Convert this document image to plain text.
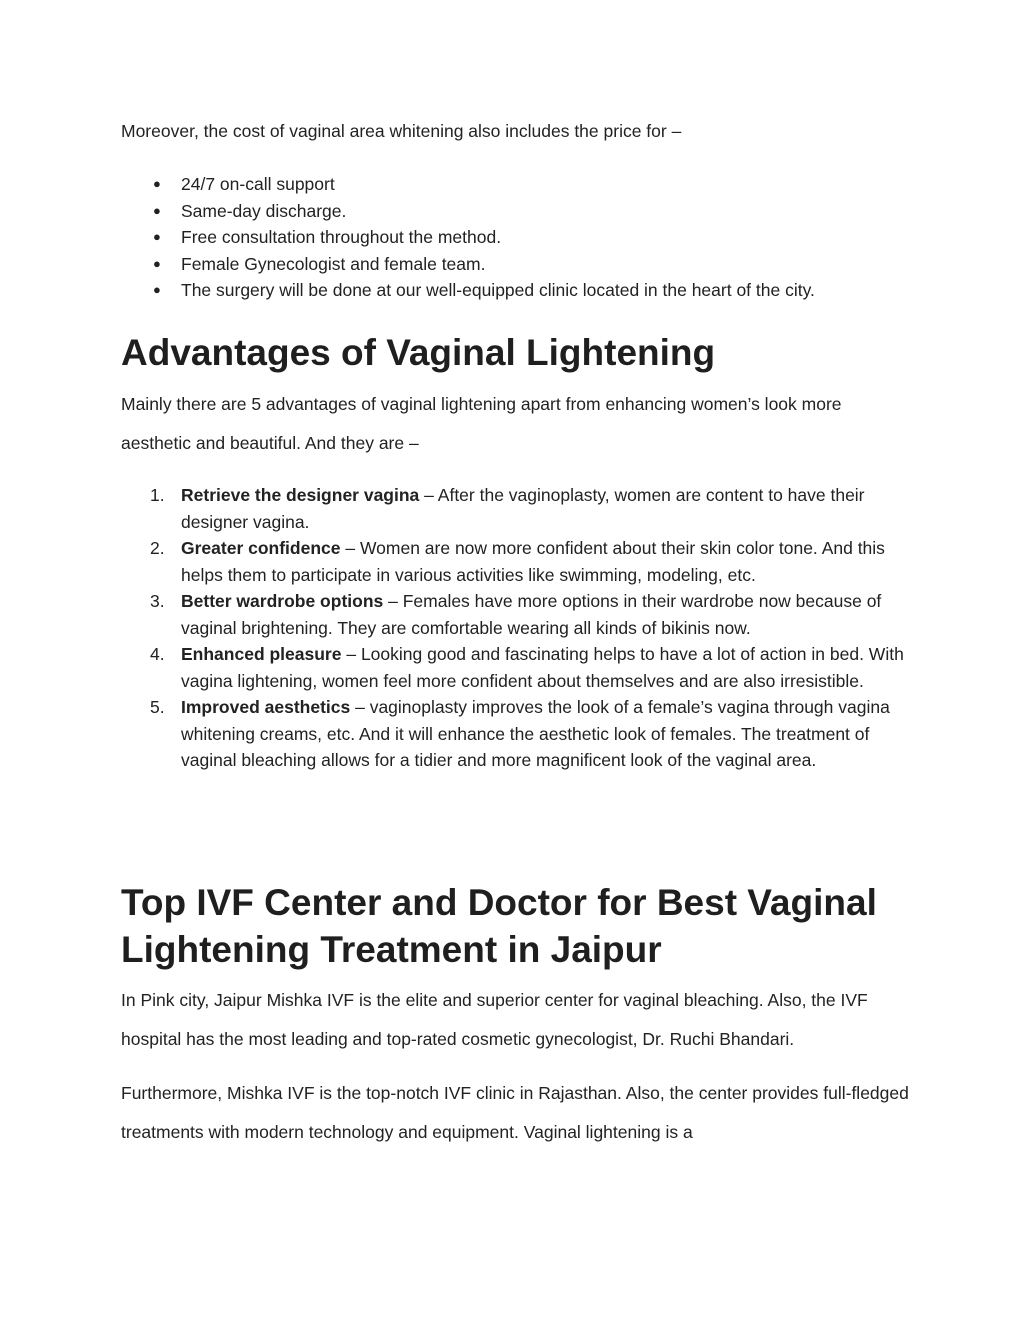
Moreover, the cost of vaginal area whitening also includes the price for –

● 24/7 on-call support
● Same-day discharge.
● Free consultation throughout the method.
● Female Gynecologist and female team.
● The surgery will be done at our well-equipped clinic located in the heart of the city.
Advantages of Vaginal Lightening

Mainly there are 5 advantages of vaginal lightening apart from enhancing women’s look more aesthetic and beautiful. And they are –

1. Retrieve the designer vagina – After the vaginoplasty, women are content to have their designer vagina.
2. Greater confidence – Women are now more confident about their skin color tone. And this helps them to participate in various activities like swimming, modeling, etc.
3. Better wardrobe options – Females have more options in their wardrobe now because of vaginal brightening. They are comfortable wearing all kinds of bikinis now.
4. Enhanced pleasure – Looking good and fascinating helps to have a lot of action in bed. With vagina lightening, women feel more confident about themselves and are also irresistible.
5. Improved aesthetics – vaginoplasty improves the look of a female’s vagina through vagina whitening creams, etc. And it will enhance the aesthetic look of females. The treatment of vaginal bleaching allows for a tidier and more magnificent look of the vaginal area.
Top IVF Center and Doctor for Best Vaginal Lightening Treatment in Jaipur

In Pink city, Jaipur Mishka IVF is the elite and superior center for vaginal bleaching. Also, the IVF hospital has the most leading and top-rated cosmetic gynecologist, Dr. Ruchi Bhandari.

Furthermore, Mishka IVF is the top-notch IVF clinic in Rajasthan. Also, the center provides full-fledged treatments with modern technology and equipment. Vaginal lightening is a
